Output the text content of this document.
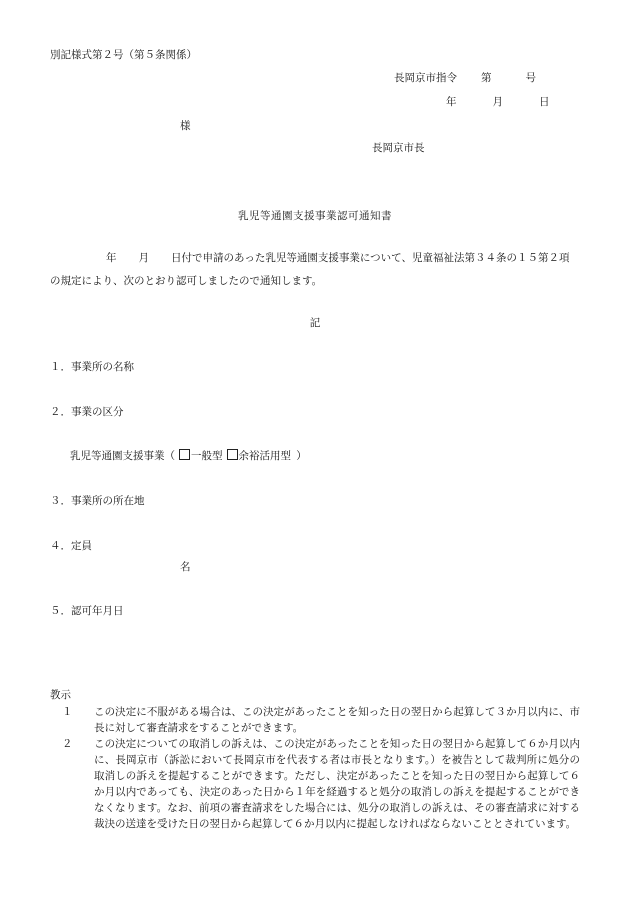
別記様式第２号（第５条関係）
長岡京市指令 第	号
年	月	日
様
長岡京市長
乳児等通園支援事業認可通知書
年 月 日付で申請のあった乳児等通園支援事業について、児童福祉法第３４条の１５第２項の規定により、次のとおり認可しましたので通知します。
記
１．事業所の名称
２．事業の区分
乳児等通園支援事業（ 一般型 余裕活用型  ）
３．事業所の所在地
４．定員
名
５．認可年月日
教示
１	この決定に不服がある場合は、この決定があったことを知った日の翌日から起算して３か月以内に、市長に対して審査請求をすることができます。
２	この決定についての取消しの訴えは、この決定があったことを知った日の翌日から起算して６か月以内に、長岡京市（訴訟において長岡京市を代表する者は市長となります。）を被告として裁判所に処分の取消しの訴えを提起することができます。ただし、決定があったことを知った日の翌日から起算して６か月以内であっても、決定のあった日から１年を経過すると処分の取消しの訴えを提起することができなくなります。なお、前項の審査請求をした場合には、処分の取消しの訴えは、その審査請求に対する裁決の送達を受けた日の翌日から起算して６か月以内に提起しなければならないこととされています。
